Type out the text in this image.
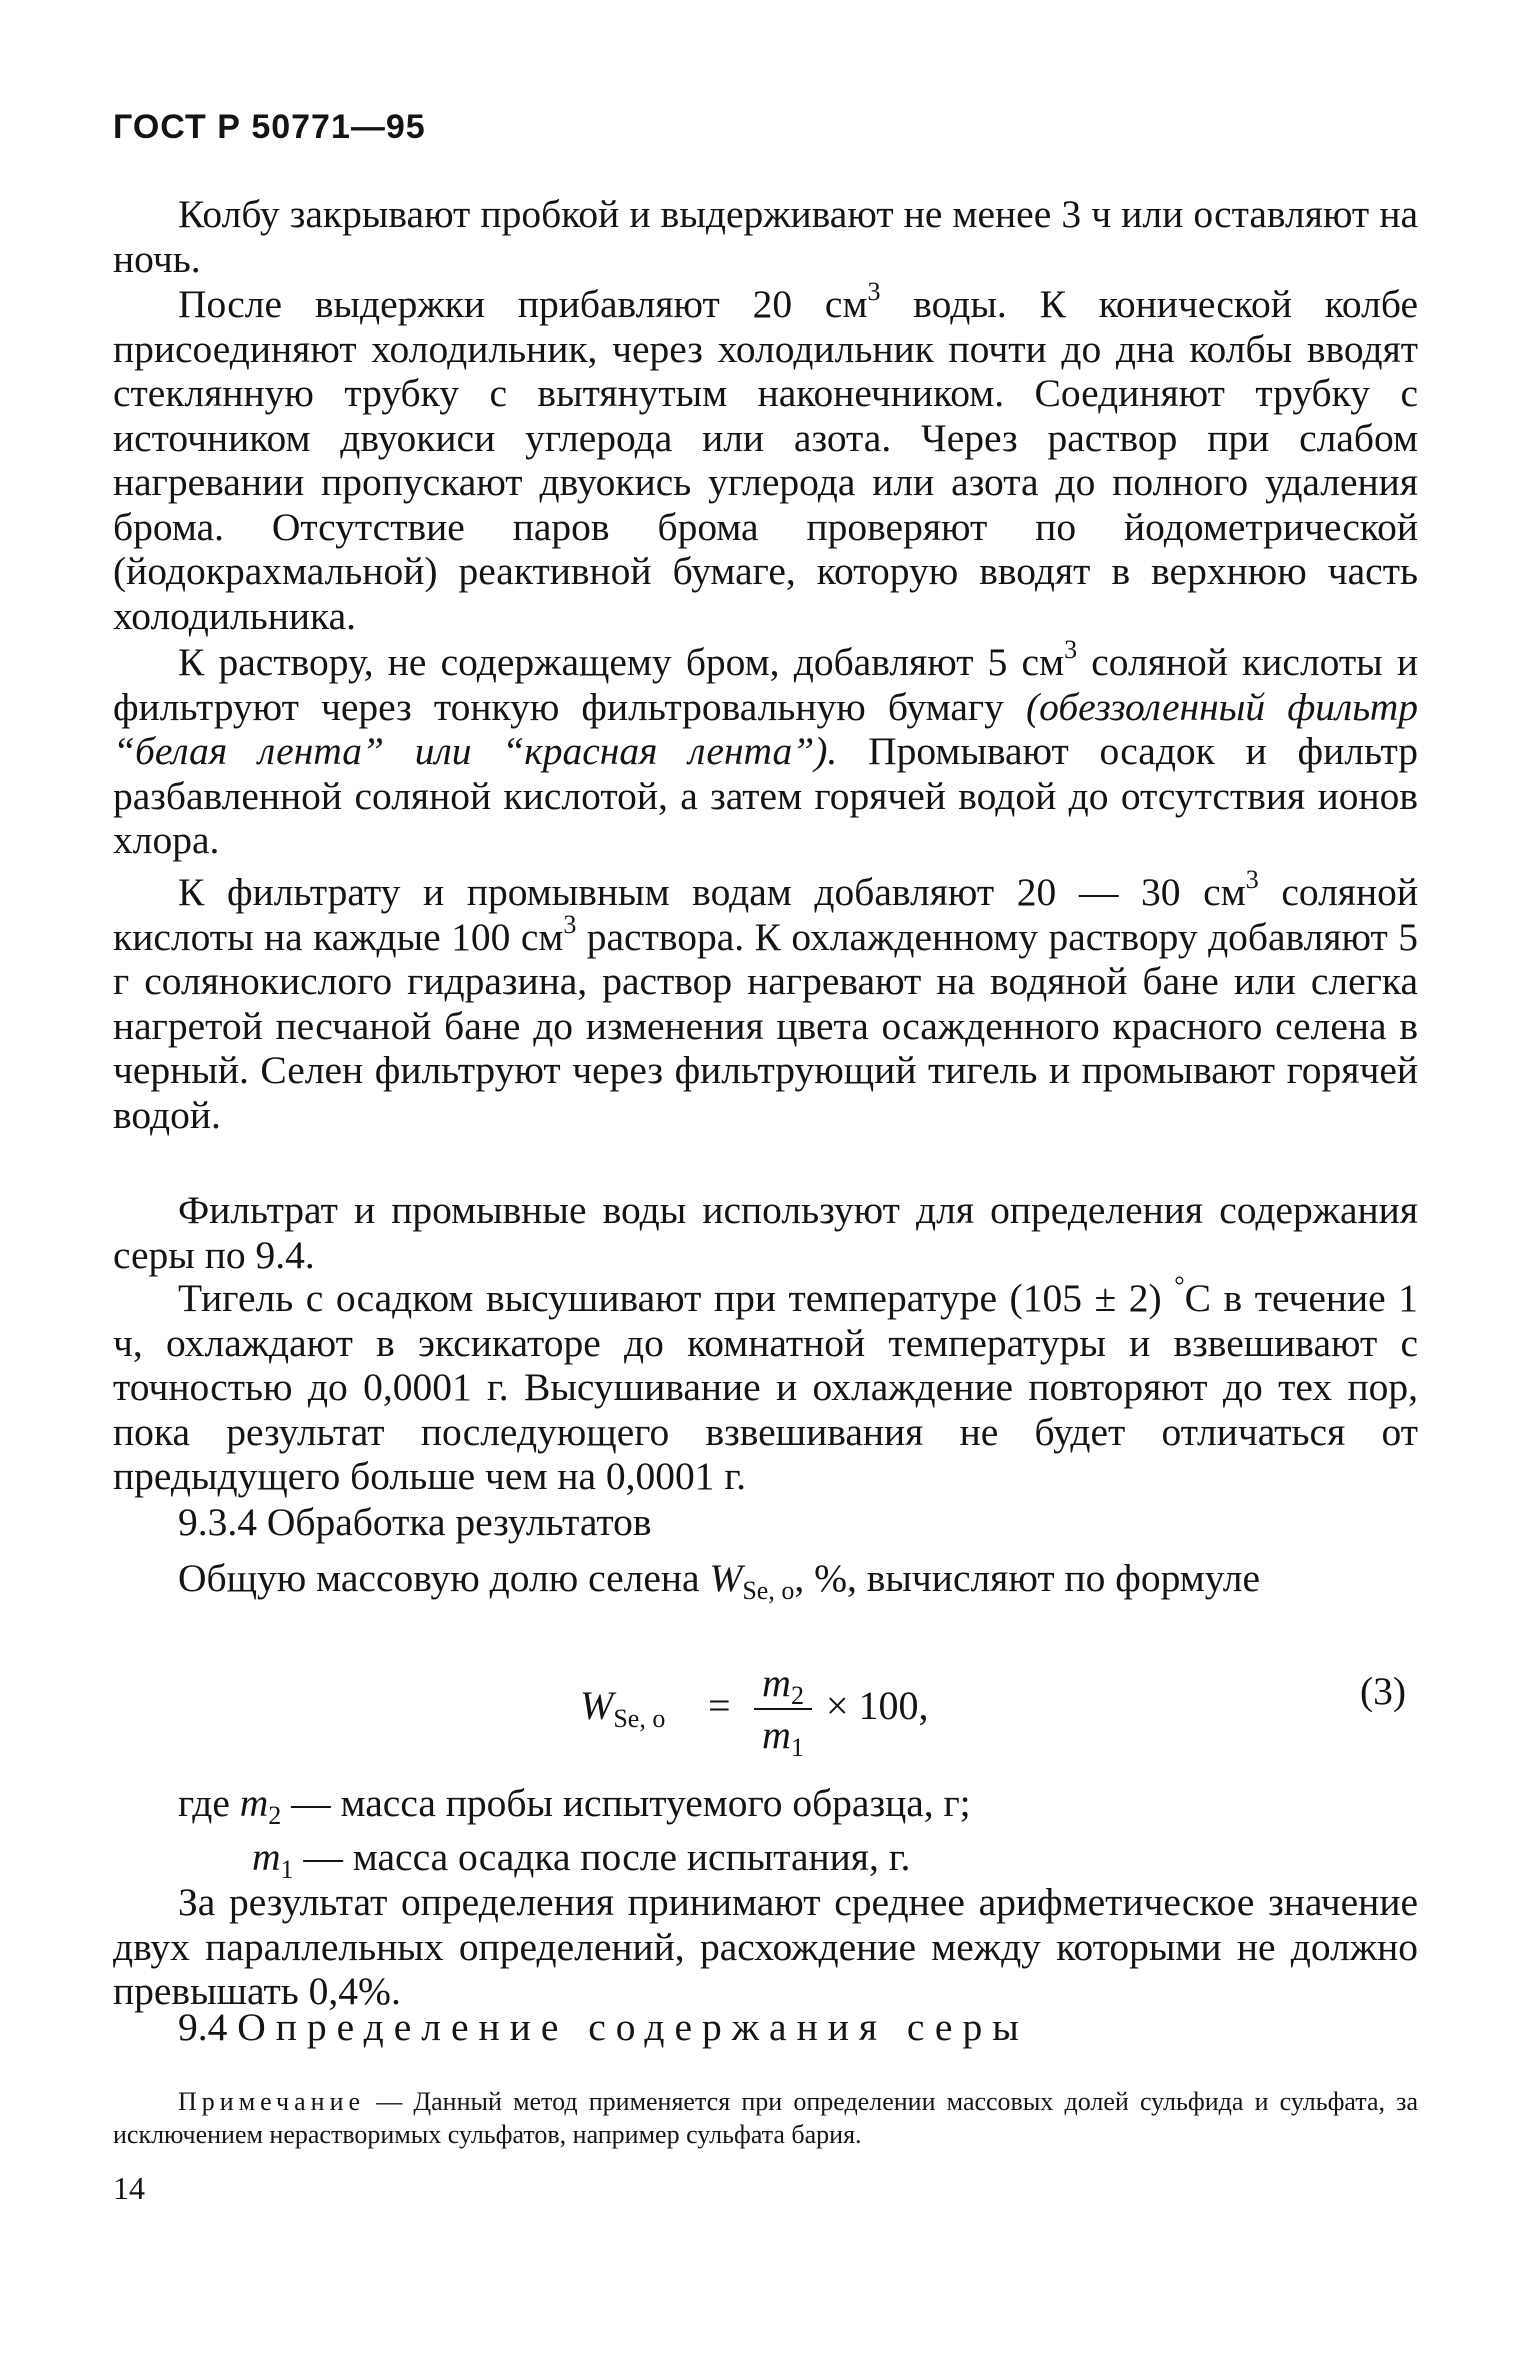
ГОСТ Р 50771—95

Колбу закрывают пробкой и выдерживают не менее 3 ч или оставляют на ночь.

После выдержки прибавляют 20 $см^3$ воды. К конической колбе присоединяют холодильник, через холодильник почти до дна колбы вводят стеклянную трубку с вытянутым наконечником. Соединяют трубку с источником двуокиси углерода или азота. Через раствор при слабом нагревании пропускают двуокись углерода или азота до полного удаления брома. Отсутствие паров брома проверяют по йодометрической (йодокрахмальной) реактивной бумаге, которую вводят в верхнюю часть холодильника.

К раствору, не содержащему бром, добавляют 5 $см^3$ соляной кислоты и фильтруют через тонкую фильтровальную бумагу (обеззоленный фильтр “белая лента” или “красная лента”). Промывают осадок и фильтр разбавленной соляной кислотой, а затем горячей водой до отсутствия ионов хлора.

К фильтрату и промывным водам добавляют 20 — 30 $см^3$ соляной кислоты на каждые 100 $см^3$ раствора. К охлажденному раствору добавляют 5 г солянокислого гидразина, раствор нагревают на водяной бане или слегка нагретой песчаной бане до изменения цвета осажденного красного селена в черный. Селен фильтруют через фильтрующий тигель и промывают горячей водой.

Фильтрат и промывные воды используют для определения содержания серы по 9.4.

Тигель с осадком высушивают при температуре (105 ± 2) °С в течение 1 ч, охлаждают в эксикаторе до комнатной температуры и взвешивают с точностью до 0,0001 г. Высушивание и охлаждение повторяют до тех пор, пока результат последующего взвешивания не будет отличаться от предыдущего больше чем на 0,0001 г.

9.3.4 Обработка результатов

Общую массовую долю селена $W_{Se, o}$, %, вычисляют по формуле

$W_{Se, o}$ =
$m_2$
$m_1$
× 100,	(3)

где $m_2$ — масса пробы испытуемого образца, г;

$m_1$ — масса осадка после испытания, г.

За результат определения принимают среднее арифметическое значение двух параллельных определений, расхождение между которыми не должно превышать 0,4%.

9.4 Определение содержания серы

Примечание — Данный метод применяется при определении массовых долей сульфида и сульфата, за исключением нерастворимых сульфатов, например сульфата бария.

14
